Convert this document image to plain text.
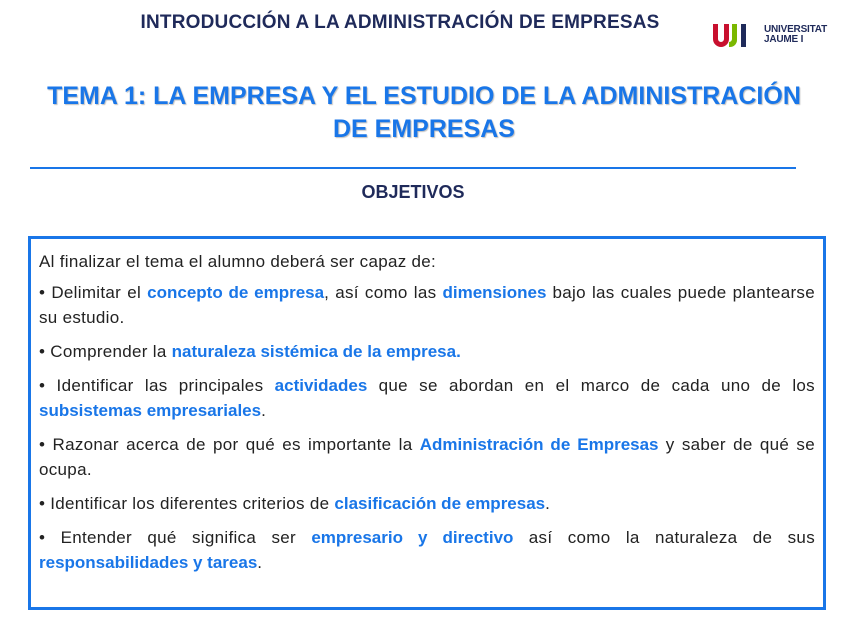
INTRODUCCIÓN A LA ADMINISTRACIÓN DE EMPRESAS	UNIVERSITAT
JAUME I
TEMA 1: LA EMPRESA Y EL ESTUDIO DE LA ADMINISTRACIÓN DE EMPRESAS
OBJETIVOS

Al finalizar el tema el alumno deberá ser capaz de:

• Delimitar el concepto de empresa, así como las dimensiones bajo las cuales puede plantearse su estudio.

• Comprender la naturaleza sistémica de la empresa.

• Identificar las principales actividades que se abordan en el marco de cada uno de los subsistemas empresariales.

• Razonar acerca de por qué es importante la Administración de Empresas y saber de qué se ocupa.

• Identificar los diferentes criterios de clasificación de empresas.

• Entender qué significa ser empresario y directivo así como la naturaleza de sus responsabilidades y tareas.
